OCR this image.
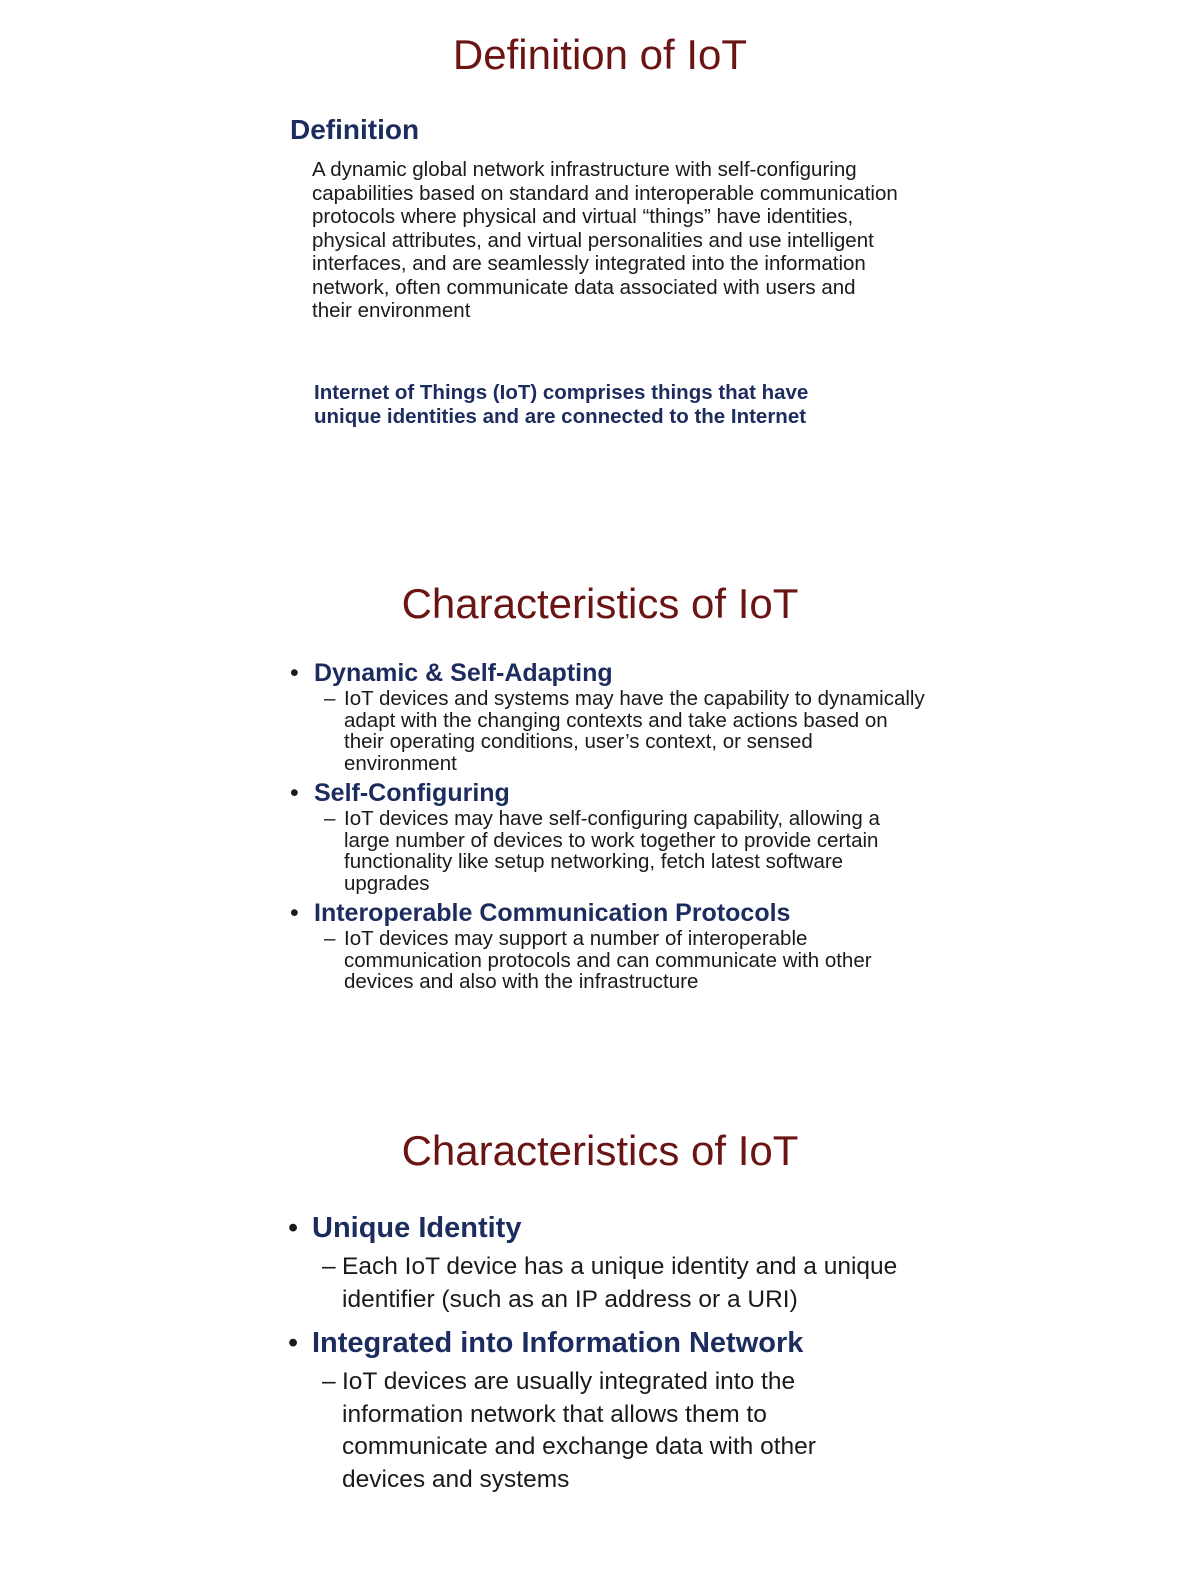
Definition of IoT
Definition

A dynamic global network infrastructure with self-configuring capabilities based on standard and interoperable communication protocols where physical and virtual “things” have identities, physical attributes, and virtual personalities and use intelligent interfaces, and are seamlessly integrated into the information network, often communicate data associated with users and their environment

Internet of Things (IoT) comprises things that have unique identities and are connected to the Internet

Characteristics of IoT
• Dynamic & Self-Adapting
– IoT devices and systems may have the capability to dynamically adapt with the changing contexts and take actions based on their operating conditions, user’s context, or sensed environment
• Self-Configuring
– IoT devices may have self-configuring capability, allowing a large number of devices to work together to provide certain functionality like setup networking, fetch latest software upgrades
• Interoperable Communication Protocols
– IoT devices may support a number of interoperable communication protocols and can communicate with other devices and also with the infrastructure
Characteristics of IoT
• Unique Identity
– Each IoT device has a unique identity and a unique identifier (such as an IP address or a URI)
• Integrated into Information Network
– IoT devices are usually integrated into the information network that allows them to communicate and exchange data with other devices and systems
